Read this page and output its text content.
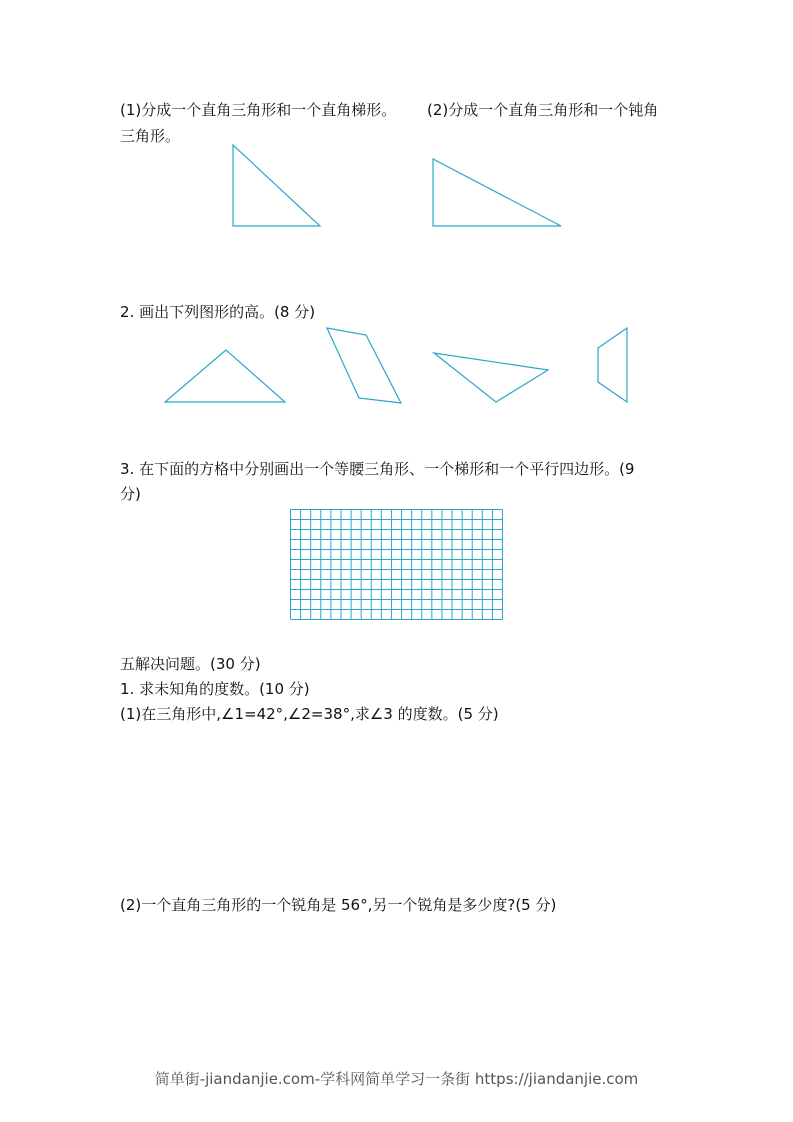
(1)分成一个直角三角形和一个直角梯形。 (2)分成一个直角三角形和一个钝角
三角形。
2. 画出下列图形的高。(8 分)
3. 在下面的方格中分别画出一个等腰三角形、一个梯形和一个平行四边形。(9
分)
五解决问题。(30 分)
1. 求未知角的度数。(10 分)
(1)在三角形中,∠1=42°,∠2=38°,求∠3 的度数。(5 分)
(2)一个直角三角形的一个锐角是 56°,另一个锐角是多少度?(5 分)
简单街-jiandanjie.com-学科网简单学习一条街 https://jiandanjie.com
